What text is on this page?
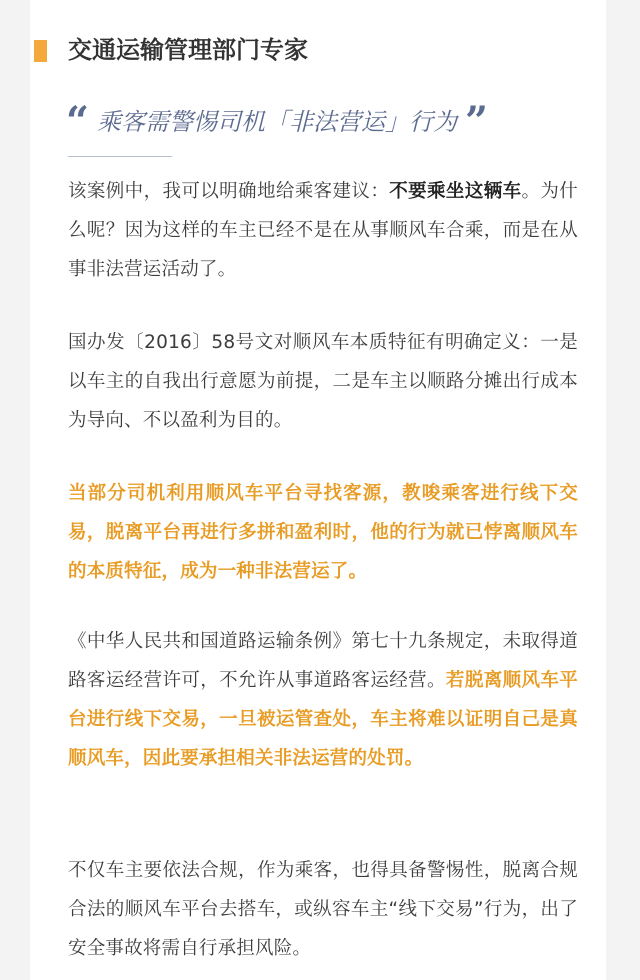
交通运输管理部门专家
“ 乘客需警惕司机「非法营运」行为 ”
该案例中，我可以明确地给乘客建议：不要乘坐这辆车。为什么呢？因为这样的车主已经不是在从事顺风车合乘，而是在从事非法营运活动了。
国办发〔2016〕58号文对顺风车本质特征有明确定义：一是以车主的自我出行意愿为前提，二是车主以顺路分摊出行成本为导向、不以盈利为目的。
当部分司机利用顺风车平台寻找客源，教唆乘客进行线下交易，脱离平台再进行多拼和盈利时，他的行为就已悖离顺风车的本质特征，成为一种非法营运了。
《中华人民共和国道路运输条例》第七十九条规定，未取得道路客运经营许可，不允许从事道路客运经营。若脱离顺风车平台进行线下交易，一旦被运管查处，车主将难以证明自己是真顺风车，因此要承担相关非法运营的处罚。
不仅车主要依法合规，作为乘客，也得具备警惕性，脱离合规合法的顺风车平台去搭车，或纵容车主“线下交易”行为，出了安全事故将需自行承担风险。
